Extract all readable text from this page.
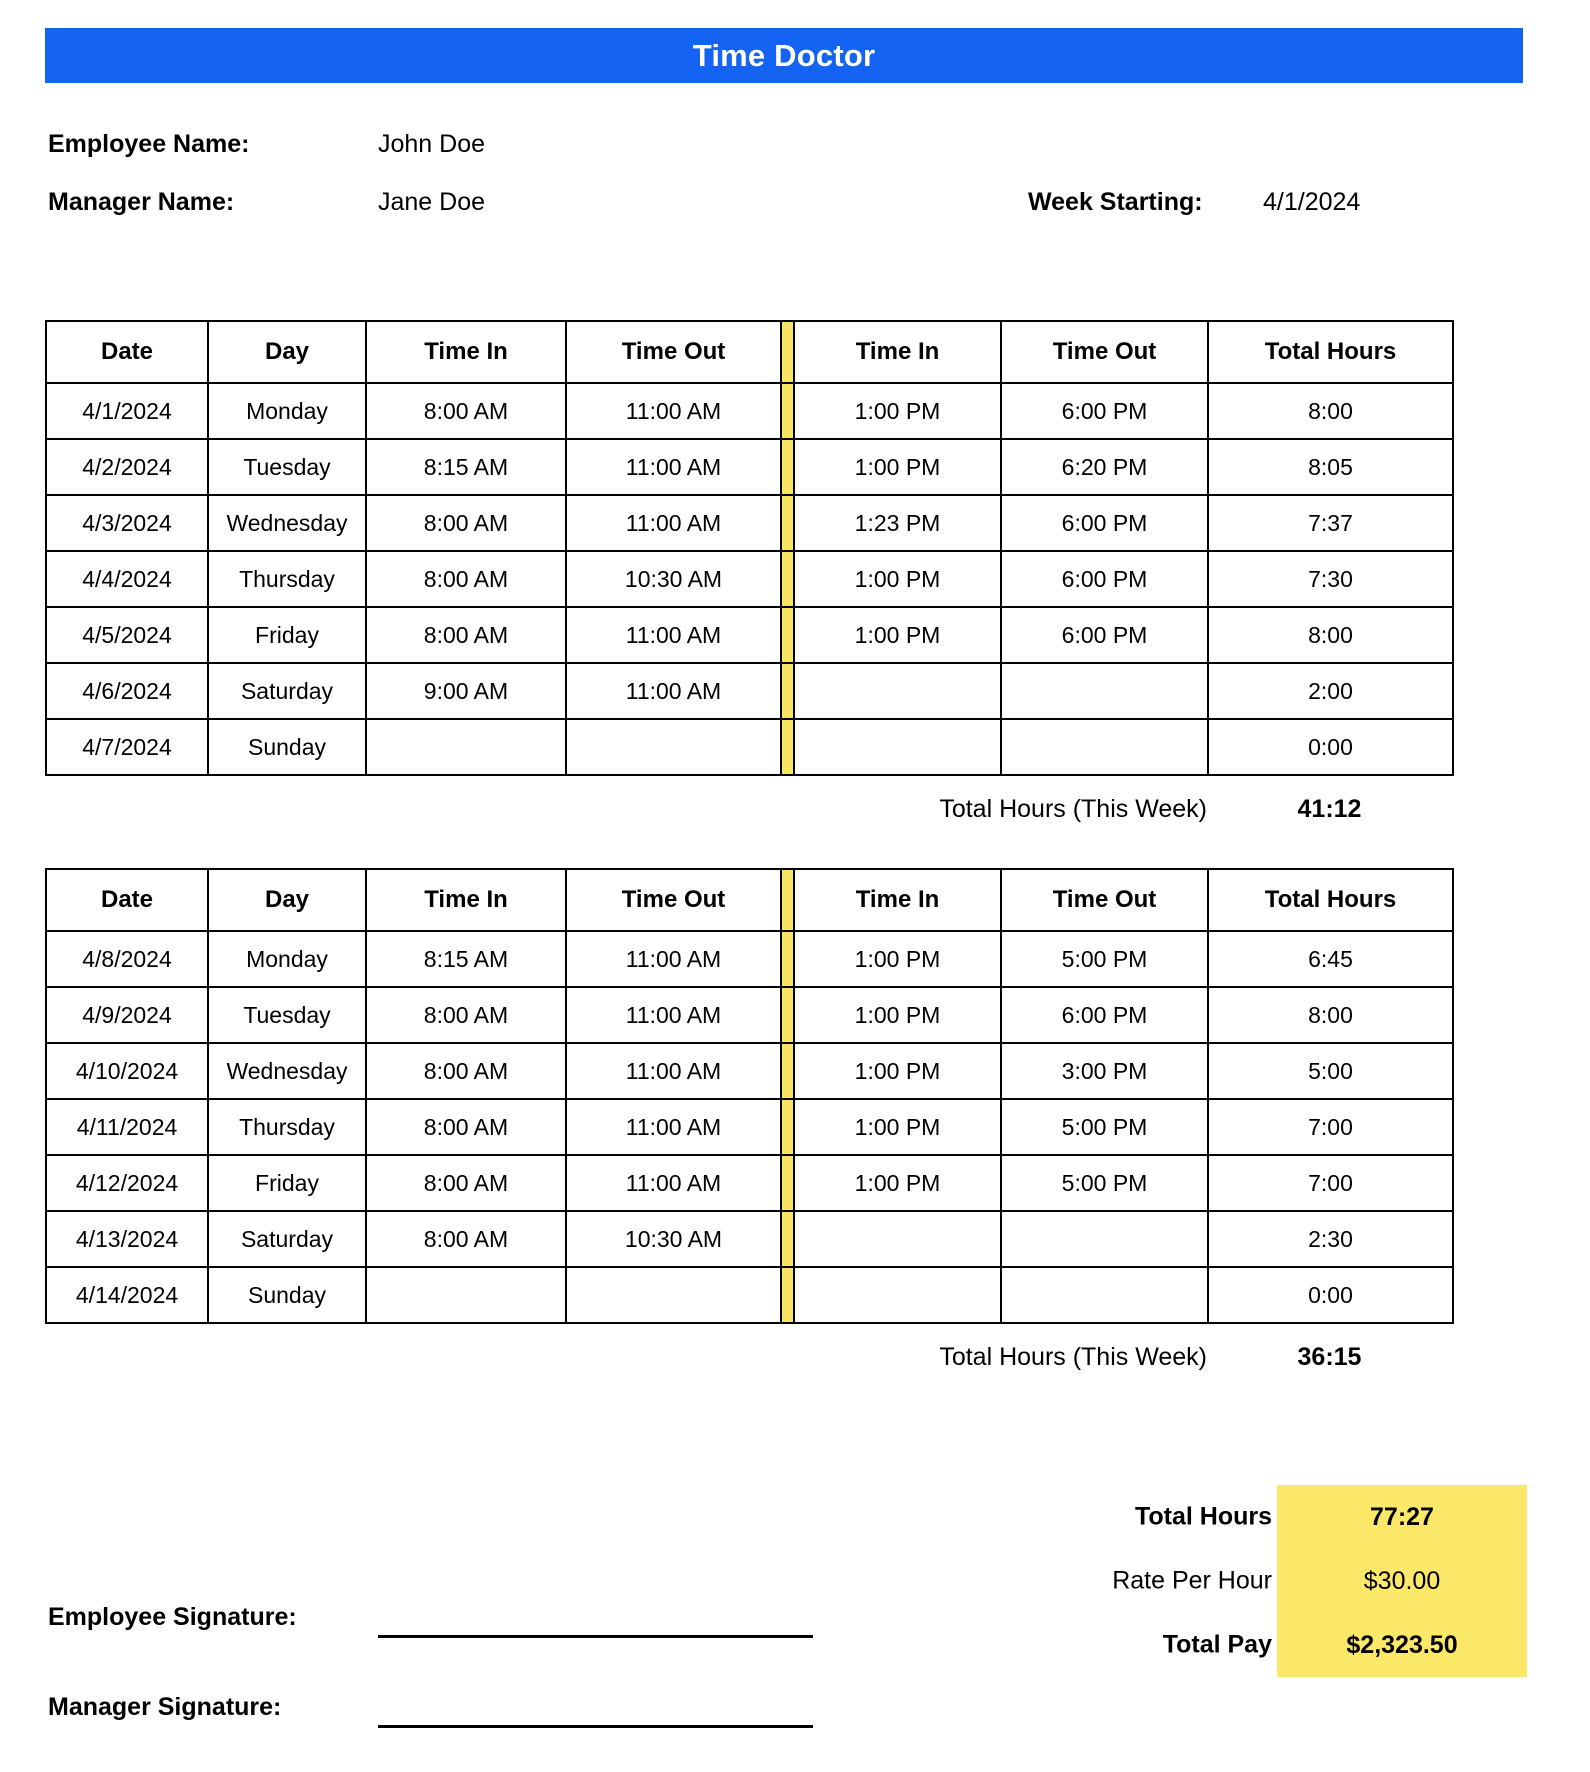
Time Doctor
Employee Name:	John Doe
Manager Name:	Jane Doe	Week Starting: 4/1/2024
Date	Day	Time In	Time Out		Time In	Time Out	Total Hours
4/1/2024	Monday	8:00 AM	11:00 AM		1:00 PM	6:00 PM	8:00
4/2/2024	Tuesday	8:15 AM	11:00 AM		1:00 PM	6:20 PM	8:05
4/3/2024	Wednesday	8:00 AM	11:00 AM		1:23 PM	6:00 PM	7:37
4/4/2024	Thursday	8:00 AM	10:30 AM		1:00 PM	6:00 PM	7:30
4/5/2024	Friday	8:00 AM	11:00 AM		1:00 PM	6:00 PM	8:00
4/6/2024	Saturday	9:00 AM	11:00 AM				2:00
4/7/2024	Sunday						0:00
Total Hours (This Week)	41:12
Date	Day	Time In	Time Out		Time In	Time Out	Total Hours
4/8/2024	Monday	8:15 AM	11:00 AM		1:00 PM	5:00 PM	6:45
4/9/2024	Tuesday	8:00 AM	11:00 AM		1:00 PM	6:00 PM	8:00
4/10/2024	Wednesday	8:00 AM	11:00 AM		1:00 PM	3:00 PM	5:00
4/11/2024	Thursday	8:00 AM	11:00 AM		1:00 PM	5:00 PM	7:00
4/12/2024	Friday	8:00 AM	11:00 AM		1:00 PM	5:00 PM	7:00
4/13/2024	Saturday	8:00 AM	10:30 AM				2:30
4/14/2024	Sunday						0:00
Total Hours (This Week)	36:15
Total Hours	77:27
Rate Per Hour	$30.00
Total Pay	$2,323.50
Employee Signature:
Manager Signature:
